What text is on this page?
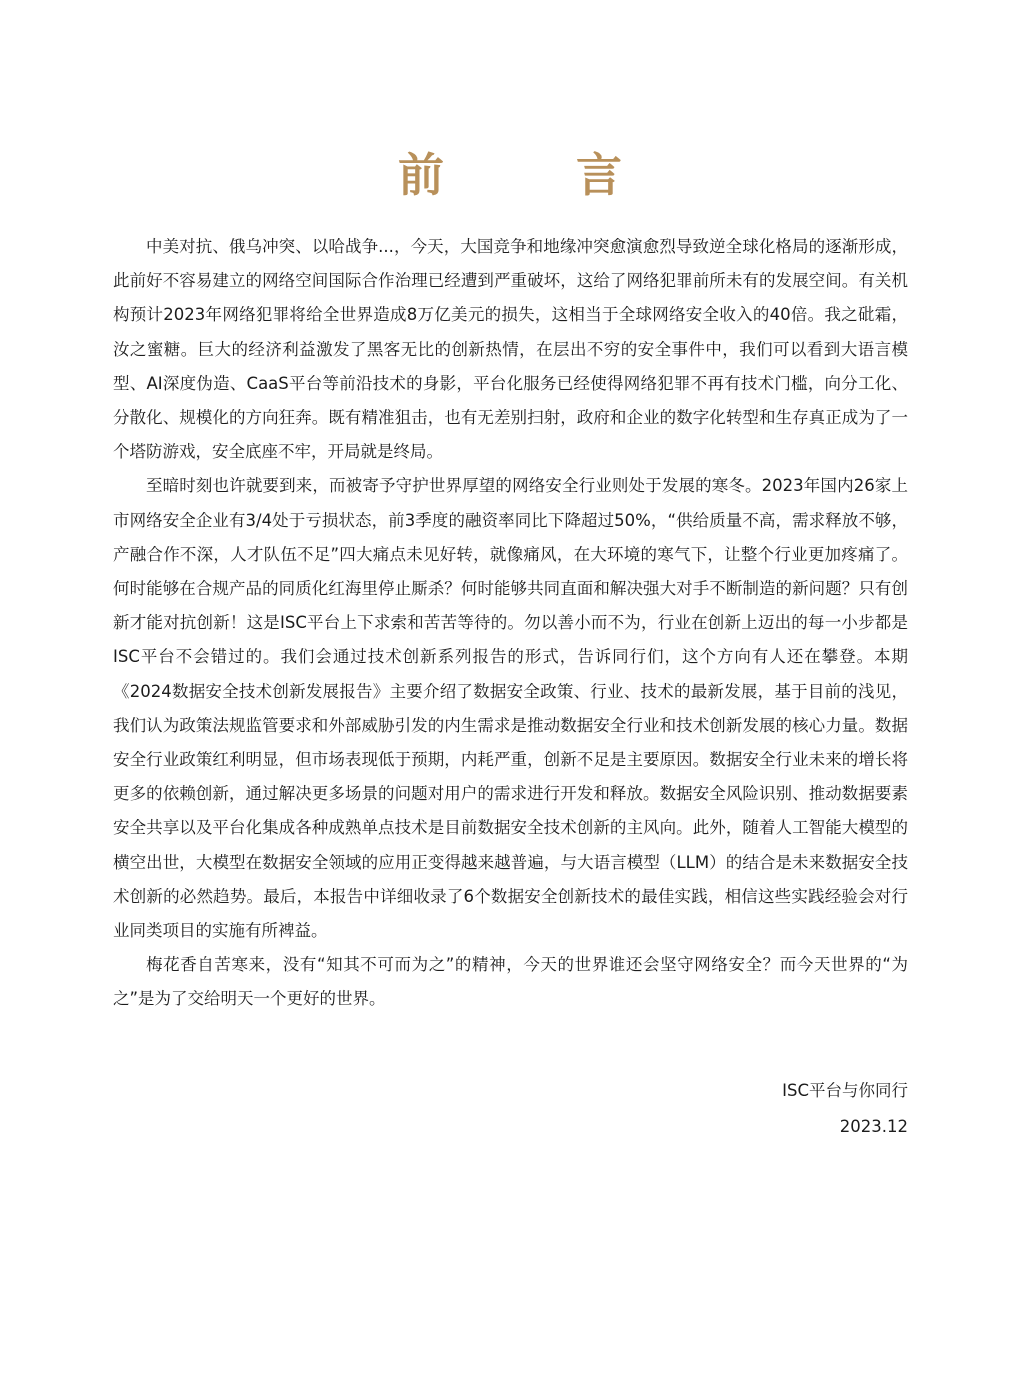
前 言

中美对抗、俄乌冲突、以哈战争...，今天，大国竞争和地缘冲突愈演愈烈导致逆全球化格局的逐渐形成，此前好不容易建立的网络空间国际合作治理已经遭到严重破坏，这给了网络犯罪前所未有的发展空间。有关机构预计2023年网络犯罪将给全世界造成8万亿美元的损失，这相当于全球网络安全收入的40倍。我之砒霜，汝之蜜糖。巨大的经济利益激发了黑客无比的创新热情，在层出不穷的安全事件中，我们可以看到大语言模型、AI深度伪造、CaaS平台等前沿技术的身影，平台化服务已经使得网络犯罪不再有技术门槛，向分工化、分散化、规模化的方向狂奔。既有精准狙击，也有无差别扫射，政府和企业的数字化转型和生存真正成为了一个塔防游戏，安全底座不牢，开局就是终局。

至暗时刻也许就要到来，而被寄予守护世界厚望的网络安全行业则处于发展的寒冬。2023年国内26家上市网络安全企业有3/4处于亏损状态，前3季度的融资率同比下降超过50%，“供给质量不高，需求释放不够，产融合作不深，人才队伍不足”四大痛点未见好转，就像痛风，在大环境的寒气下，让整个行业更加疼痛了。何时能够在合规产品的同质化红海里停止厮杀？何时能够共同直面和解决强大对手不断制造的新问题？只有创新才能对抗创新！这是ISC平台上下求索和苦苦等待的。勿以善小而不为，行业在创新上迈出的每一小步都是ISC平台不会错过的。我们会通过技术创新系列报告的形式，告诉同行们，这个方向有人还在攀登。本期《2024数据安全技术创新发展报告》主要介绍了数据安全政策、行业、技术的最新发展，基于目前的浅见，我们认为政策法规监管要求和外部威胁引发的内生需求是推动数据安全行业和技术创新发展的核心力量。数据安全行业政策红利明显，但市场表现低于预期，内耗严重，创新不足是主要原因。数据安全行业未来的增长将更多的依赖创新，通过解决更多场景的问题对用户的需求进行开发和释放。数据安全风险识别、推动数据要素安全共享以及平台化集成各种成熟单点技术是目前数据安全技术创新的主风向。此外，随着人工智能大模型的横空出世，大模型在数据安全领域的应用正变得越来越普遍，与大语言模型（LLM）的结合是未来数据安全技术创新的必然趋势。最后，本报告中详细收录了6个数据安全创新技术的最佳实践，相信这些实践经验会对行业同类项目的实施有所裨益。

梅花香自苦寒来，没有“知其不可而为之”的精神，今天的世界谁还会坚守网络安全？而今天世界的“为之”是为了交给明天一个更好的世界。

ISC平台与你同行
2023.12
